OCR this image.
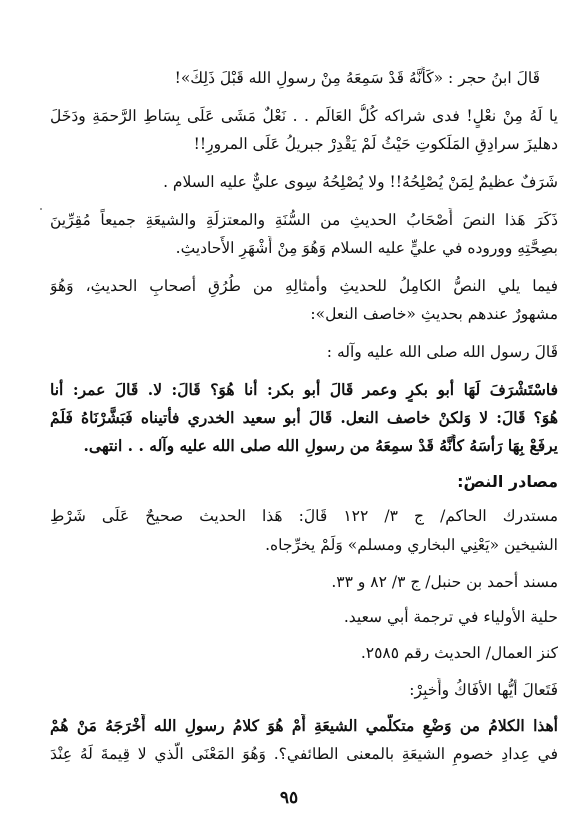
قَالَ ابنُ حجر : «كَأَنَّهُ قَدْ سَمِعَهُ مِنْ رسولِ الله قَبْلَ ذَلِكَ»!
يا لَهُ مِنْ نعْلٍ! فدى شراكه كُلُّ العَالَم . . نَعْلٌ مَشَى عَلَى بِسَاطِ الرَّحمَةِ ودَخَلَ
دهليزَ سرادِقِ المَلَكوتِ حَيْثُ لَمْ يَقْدِرْ جبريلُ عَلَى المرورِ!!
شَرَفٌ عظيمٌ لِمَنْ يُصْلِحُهُ!! ولا يُصْلِحُهُ سِوى عليٌّ عليه السلام .
ذَكَرَ هَذا النصَ أَصْحَابُ الحديثِ من السُّنَةِ والمعتزلَةِ والشيعَةِ جميعاً مُقِرِّينَ
بصِحَّتِهِ ووروده في عليٍّ عليه السلام وَهُوَ مِنْ أَشْهَرِ الأَحاديثِ.
فيما يلي النصُّ الكامِلُ للحديثِ وأمثالِهِ من طُرُقِ أصحابِ الحديثِ، وَهُوَ
مشهورٌ عندهم بحديثِ «خاصف النعل»:
قَالَ رسول الله صلى الله عليه وآله :
فاسْتَشْرَفَ لَهَا أبو بكرٍ وعمر قَالَ أبو بكر: أنا هُوَ؟ قَالَ: لا. قَالَ عمر: أنا
هُوَ؟ قَالَ: لا وَلكنْ خاصف النعل. قَالَ أبو سعيد الخدري فأتيناه فَبَشَّرْنَاهُ فَلَمْ
يرفَعْ بِهَا رَأسَهُ كأَنَّهُ قَدْ سمِعَهُ من رسولِ الله صلى الله عليه وآله . . انتهى.
مصادر النصّ:
مستدرك الحاكم/ ج ٣/ ١٢٢ قَالَ: هَذا الحديث صحيحٌ عَلَى شَرْطِ
الشيخين «يَعْنِي البخاري ومسلم» وَلَمْ يخرِّجاه.
مسند أحمد بن حنبل/ ج ٣/ ٨٢ و ٣٣.
حلية الأولياء في ترجمة أبي سعيد.
كنز العمال/ الحديث رقم ٢٥٨٥.
فَتَعالَ أيُّها الأفَاكُ وأَخبِرْ:
أهذا الكلامُ من وَضْعِ متكلّمي الشيعَةِ أَمْ هُوَ كلامُ رسولِ الله أَخْرَجَهُ مَنْ هُمْ
في عِدادِ خصومِ الشيعَةِ بالمعنى الطائفي؟. وَهُوَ المَعْنَى الَّذي لا قِيمةَ لَهُ عِنْدَ
٩٥
